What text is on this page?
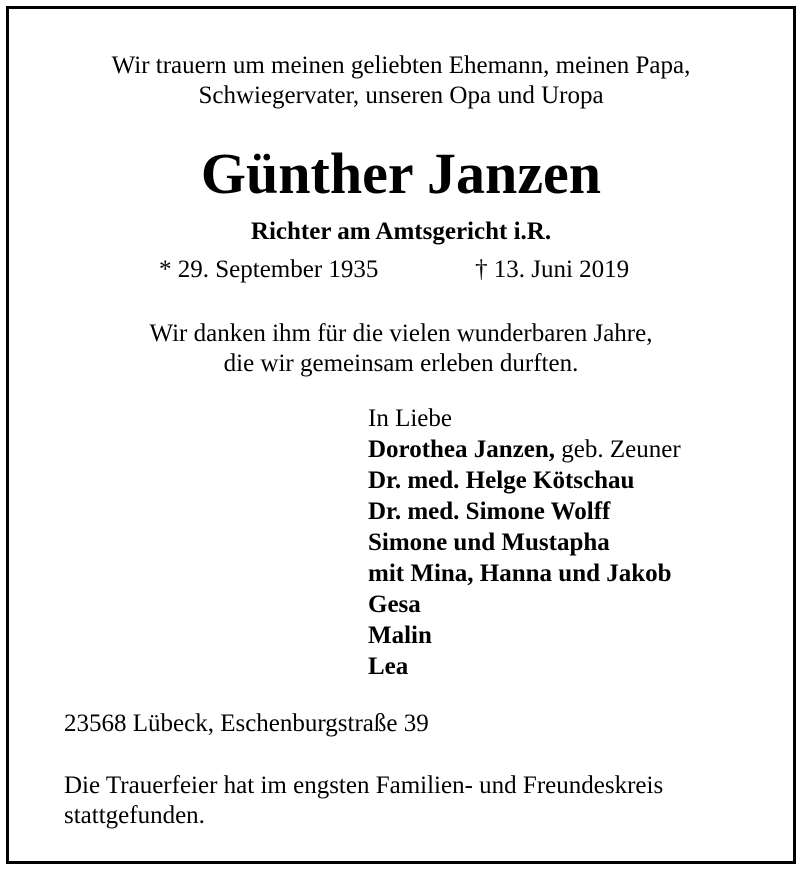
Wir trauern um meinen geliebten Ehemann, meinen Papa,
Schwiegervater, unseren Opa und Uropa
Günther Janzen
Richter am Amtsgericht i.R.
* 29. September 1935	† 13. Juni 2019
Wir danken ihm für die vielen wunderbaren Jahre,
die wir gemeinsam erleben durften.
In Liebe
Dorothea Janzen, geb. Zeuner
Dr. med. Helge Kötschau
Dr. med. Simone Wolff
Simone und Mustapha
mit Mina, Hanna und Jakob
Gesa
Malin
Lea
23568 Lübeck, Eschenburgstraße 39
Die Trauerfeier hat im engsten Familien- und Freundeskreis
stattgefunden.
